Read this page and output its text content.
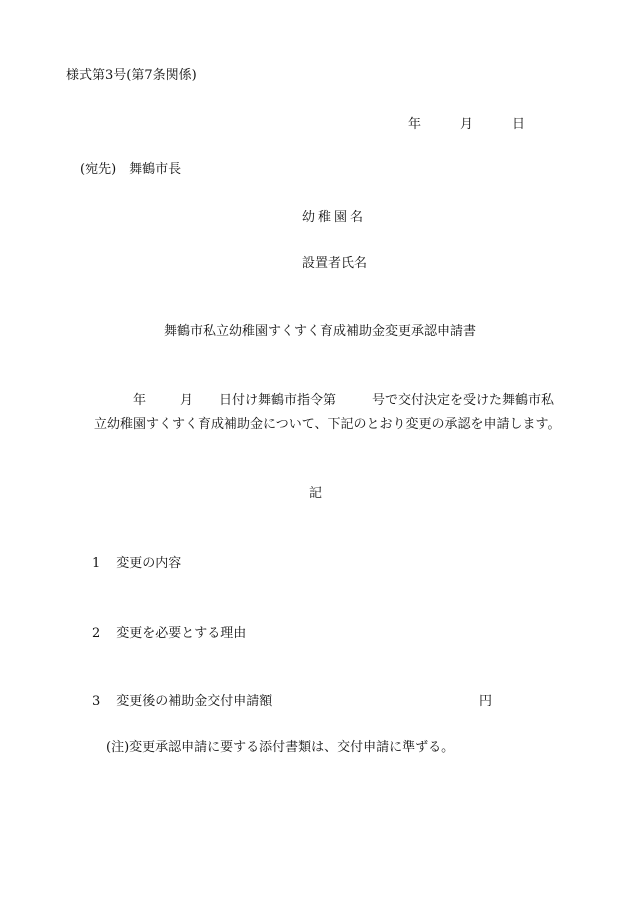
様式第3号(第7条関係)
年	月	日
(宛先)　舞鶴市長
幼稚園名
設置者氏名
舞鶴市私立幼稚園すくすく育成補助金変更承認申請書
年	月 日付け舞鶴市指令第	号で交付決定を受けた舞鶴市私
立幼稚園すくすく育成補助金について、下記のとおり変更の承認を申請します。
記
1 変更の内容
2 変更を必要とする理由
3 変更後の補助金交付申請額	円
(注)変更承認申請に要する添付書類は、交付申請に準ずる。
